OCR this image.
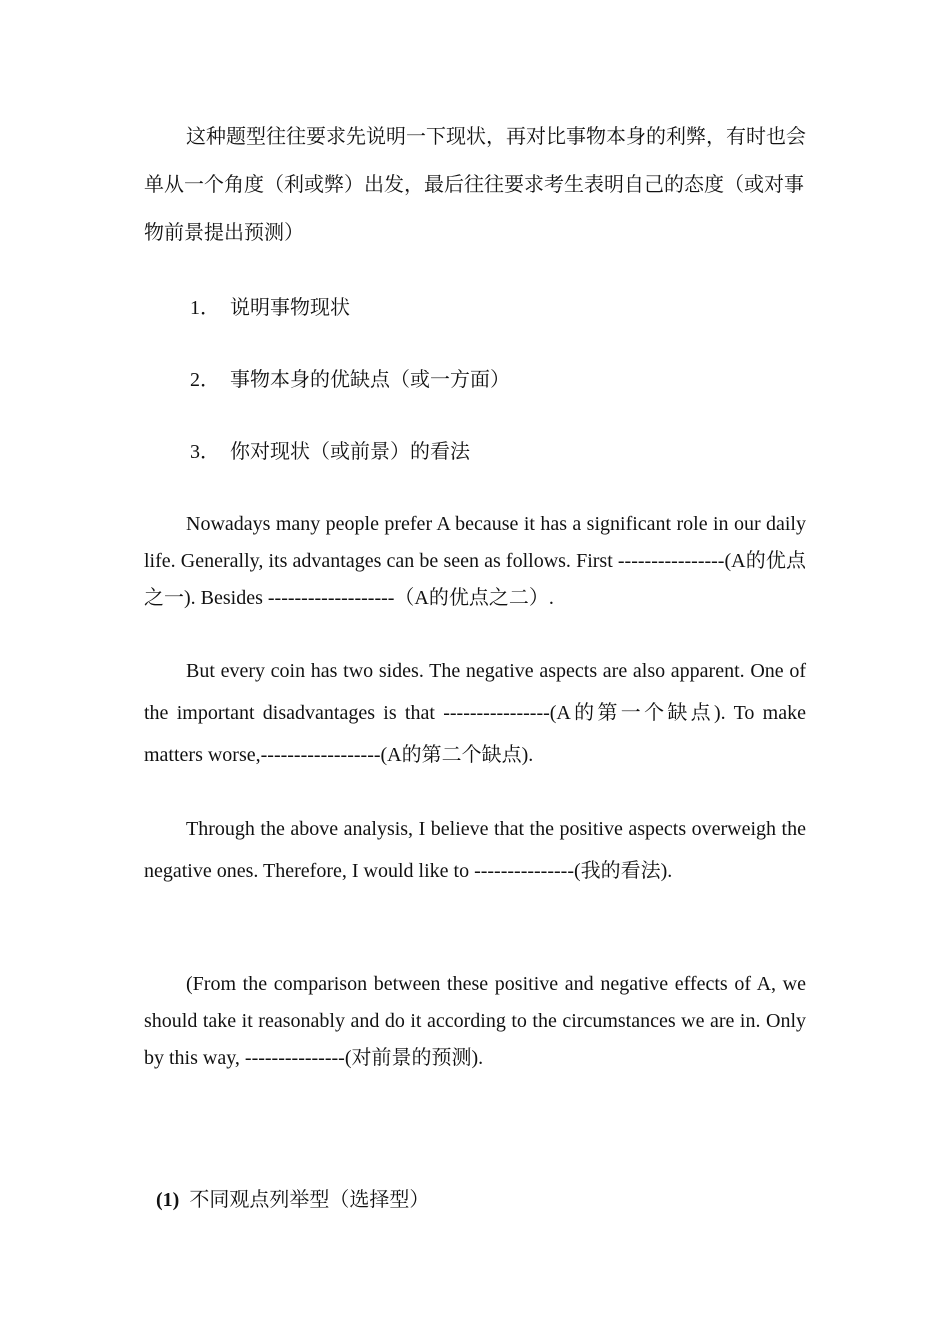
这种题型往往要求先说明一下现状，再对比事物本身的利弊，有时也会单从一个角度（利或弊）出发，最后往往要求考生表明自己的态度（或对事物前景提出预测）
1． 说明事物现状
2． 事物本身的优缺点（或一方面）
3． 你对现状（或前景）的看法
Nowadays many people prefer A because it has a significant role in our daily life. Generally, its advantages can be seen as follows. First ----------------(A的优点之一). Besides -------------------（A的优点之二）.
But every coin has two sides. The negative aspects are also apparent. One of the important disadvantages is that ----------------(A的第一个缺点). To make matters worse,------------------(A的第二个缺点).
Through the above analysis, I believe that the positive aspects overweigh the negative ones. Therefore, I would like to ---------------(我的看法).
(From the comparison between these positive and negative effects of A, we should take it reasonably and do it according to the circumstances we are in. Only by this way, ---------------(对前景的预测).
(1) 不同观点列举型（选择型）
